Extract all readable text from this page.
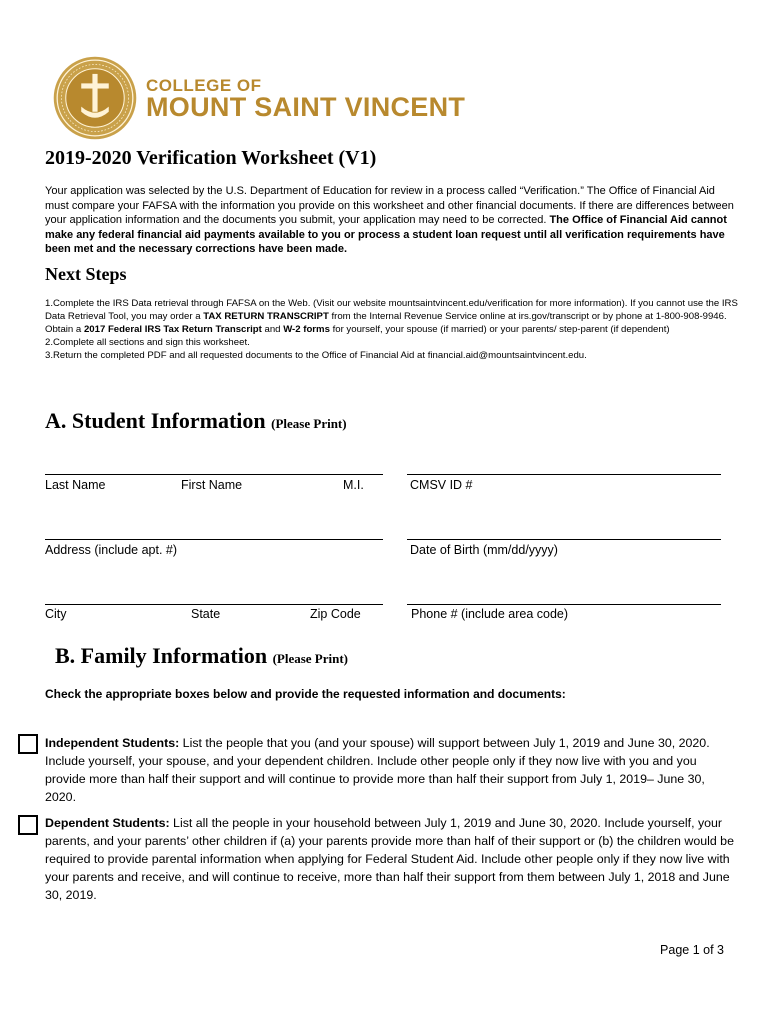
COLLEGE OF
MOUNT SAINT VINCENT
2019-2020 Verification Worksheet (V1)
Your application was selected by the U.S. Department of Education for review in a process called “Verification.” The Office of Financial Aid must compare your FAFSA with the information you provide on this worksheet and other financial documents. If there are differences between your application information and the documents you submit, your application may need to be corrected. The Office of Financial Aid cannot make any federal financial aid payments available to you or process a student loan request until all verification requirements have been met and the necessary corrections have been made.
Next Steps
1.Complete the IRS Data retrieval through FAFSA on the Web. (Visit our website mountsaintvincent.edu/verification for more information). If you cannot use the IRS Data Retrieval Tool, you may order a TAX RETURN TRANSCRIPT from the Internal Revenue Service online at irs.gov/transcript or by phone at 1-800-908-9946. Obtain a 2017 Federal IRS Tax Return Transcript and W-2 forms for yourself, your spouse (if married) or your parents/ step-parent (if dependent)
2.Complete all sections and sign this worksheet.
3.Return the completed PDF and all requested documents to the Office of Financial Aid at financial.aid@mountsaintvincent.edu.
A. Student Information (Please Print)
Last Name	First Name	M.I.	CMSV ID #
Address (include apt. #)	Date of Birth (mm/dd/yyyy)
City	State	Zip Code	Phone # (include area code)
B. Family Information (Please Print)
Check the appropriate boxes below and provide the requested information and documents:
Independent Students: List the people that you (and your spouse) will support between July 1, 2019 and June 30, 2020. Include yourself, your spouse, and your dependent children. Include other people only if they now live with you and you provide more than half their support and will continue to provide more than half their support from July 1, 2019– June 30, 2020.
Dependent Students: List all the people in your household between July 1, 2019 and June 30, 2020. Include yourself, your parents, and your parents’ other children if (a) your parents provide more than half of their support or (b) the children would be required to provide parental information when applying for Federal Student Aid. Include other people only if they now live with your parents and receive, and will continue to receive, more than half their support from them between July 1, 2018 and June 30, 2019.
Page 1 of 3
